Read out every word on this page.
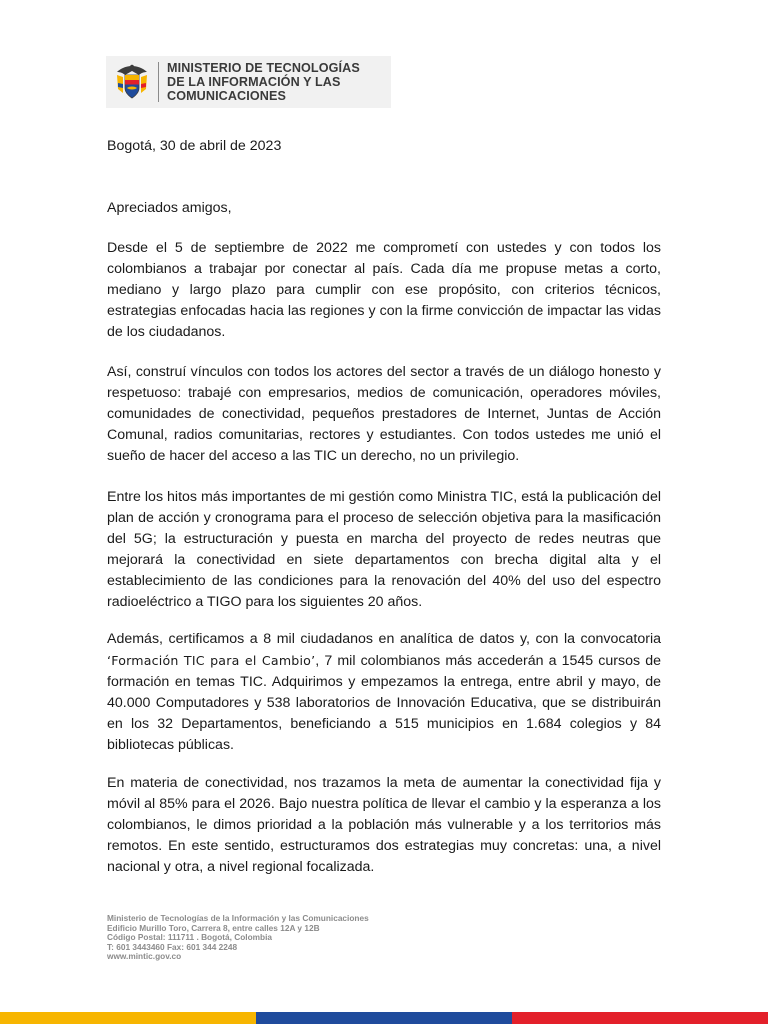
MINISTERIO DE TECNOLOGÍAS
DE LA INFORMACIÓN Y LAS
COMUNICACIONES

Bogotá, 30 de abril de 2023

Apreciados amigos,

Desde el 5 de septiembre de 2022 me comprometí con ustedes y con todos los colombianos a trabajar por conectar al país. Cada día me propuse metas a corto, mediano y largo plazo para cumplir con ese propósito, con criterios técnicos, estrategias enfocadas hacia las regiones y con la firme convicción de impactar las vidas de los ciudadanos.

Así, construí vínculos con todos los actores del sector a través de un diálogo honesto y respetuoso: trabajé con empresarios, medios de comunicación, operadores móviles, comunidades de conectividad, pequeños prestadores de Internet, Juntas de Acción Comunal, radios comunitarias, rectores y estudiantes. Con todos ustedes me unió el sueño de hacer del acceso a las TIC un derecho, no un privilegio.

Entre los hitos más importantes de mi gestión como Ministra TIC, está la publicación del plan de acción y cronograma para el proceso de selección objetiva para la masificación del 5G; la estructuración y puesta en marcha del proyecto de redes neutras que mejorará la conectividad en siete departamentos con brecha digital alta y el establecimiento de las condiciones para la renovación del 40% del uso del espectro radioeléctrico a TIGO para los siguientes 20 años.

Además, certificamos a 8 mil ciudadanos en analítica de datos y, con la convocatoria ‘Formación TIC para el Cambio’, 7 mil colombianos más accederán a 1545 cursos de formación en temas TIC. Adquirimos y empezamos la entrega, entre abril y mayo, de 40.000 Computadores y 538 laboratorios de Innovación Educativa, que se distribuirán en los 32 Departamentos, beneficiando a 515 municipios en 1.684 colegios y 84 bibliotecas públicas.

En materia de conectividad, nos trazamos la meta de aumentar la conectividad fija y móvil al 85% para el 2026. Bajo nuestra política de llevar el cambio y la esperanza a los colombianos, le dimos prioridad a la población más vulnerable y a los territorios más remotos. En este sentido, estructuramos dos estrategias muy concretas: una, a nivel nacional y otra, a nivel regional focalizada.

Ministerio de Tecnologías de la Información y las Comunicaciones
Edificio Murillo Toro, Carrera 8, entre calles 12A y 12B
Código Postal: 111711 . Bogotá, Colombia
T: 601 3443460 Fax: 601 344 2248
www.mintic.gov.co
